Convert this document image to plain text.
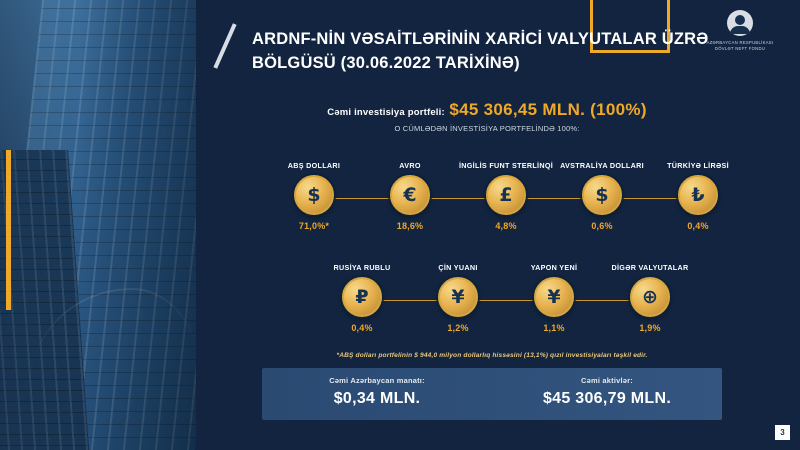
AZƏRBAYCAN RESPUBLİKASI
DÖVLƏT NEFT FONDU
ARDNF-NİN VƏSAİTLƏRİNİN XARİCİ VALYUTALAR ÜZRƏ BÖLGÜSÜ (30.06.2022 TARİXİNƏ)
Cəmi investisiya portfeli: $45 306,45 MLN. (100%)
O CÜMLƏDƏN İNVESTİSİYA PORTFELİNDƏ 100%:
ABŞ DOLLARI
$
71,0%*
AVRO
€
18,6%
İNGİLİS FUNT STERLİNQİ
£
4,8%
AVSTRALİYA DOLLARI
$
0,6%
TÜRKİYƏ LİRƏSİ
₺
0,4%
RUSİYA RUBLU
₽
0,4%
ÇİN YUANI
¥
1,2%
YAPON YENİ
¥
1,1%
DİGƏR VALYUTALAR
⊕
1,9%
*ABŞ dolları portfelinin $ 944,0 milyon dollarlıq hissəsini (13,1%) qızıl investisiyaları təşkil edir.
Cəmi Azərbaycan manatı:
$0,34 MLN.
Cəmi aktivlər:
$45 306,79 MLN.
3
